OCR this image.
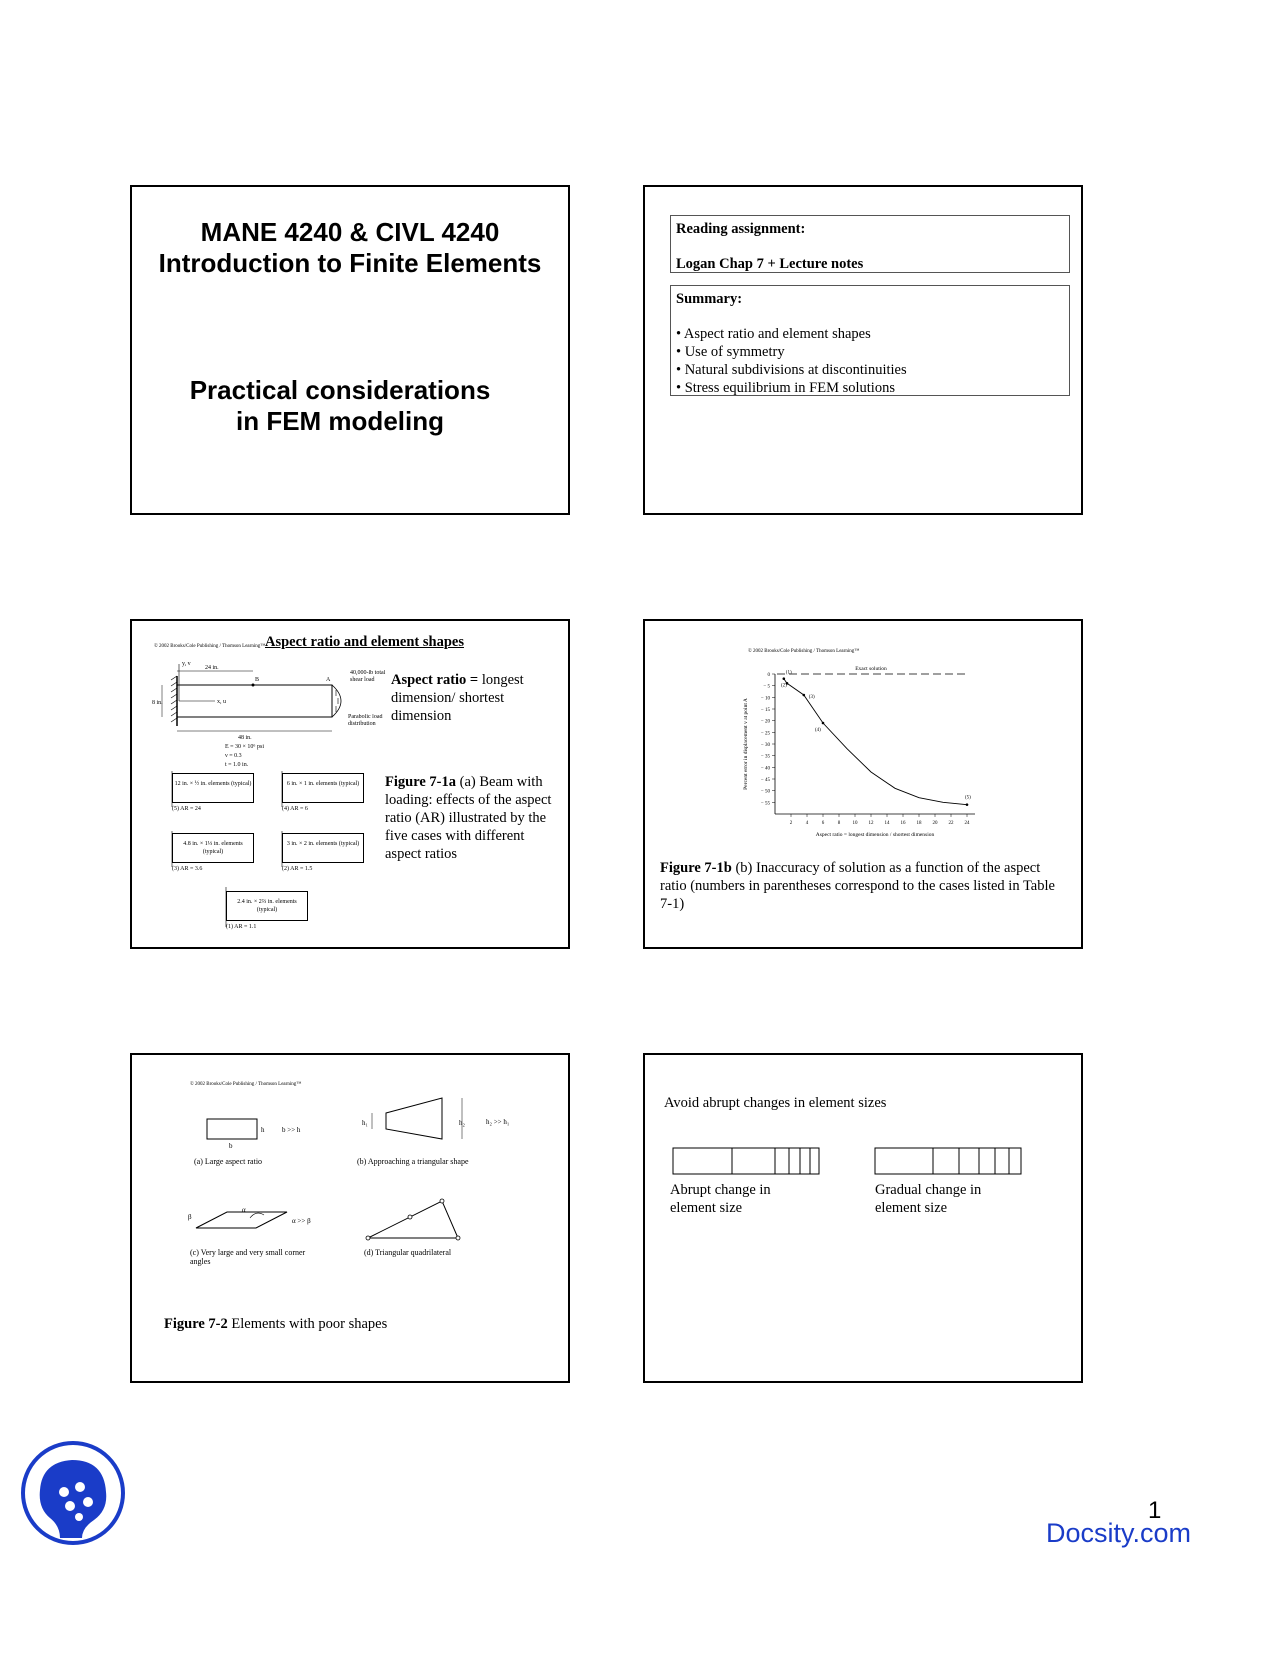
MANE 4240 & CIVL 4240
Introduction to Finite Elements
Practical considerations
in FEM modeling
Reading assignment:
Logan Chap 7 + Lecture notes
Summary:
• Aspect ratio and element shapes
• Use of symmetry
• Natural subdivisions at discontinuities
• Stress equilibrium in FEM solutions
© 2002 Brooks/Cole Publishing / Thomson Learning™ Aspect ratio and element shapes
y, v
x, u
24 in.
48 in.
8 in.
B	A
40,000-lb total shear load
Parabolic load distribution
E = 30 × 10⁶ psi
ν = 0.3
t = 1.0 in.
Aspect ratio = longest dimension/ shortest dimension
12 in. × ½ in. elements (typical)
(5) AR = 24
6 in. × 1 in. elements (typical)
(4) AR = 6
4.8 in. × 1⅓ in. elements (typical)
(3) AR = 3.6
3 in. × 2 in. elements (typical)
(2) AR = 1.5
2.4 in. × 2⅔ in. elements (typical)
(1) AR = 1.1
Figure 7-1a (a) Beam with loading: effects of the aspect ratio (AR) illustrated by the five cases with different aspect ratios
© 2002 Brooks/Cole Publishing / Thomson Learning™
0
− 5
− 10
− 15
− 20
− 25
− 30
− 35
− 40
− 45
− 50
− 55
2	4	6	8 10 12 14 16 18 20 22 24
Exact solution
(1)
(2)
(3)
(4)
(5)
Percent error in displacement v at point A
Aspect ratio = longest dimension / shortest dimension
Figure 7-1b (b) Inaccuracy of solution as a function of the aspect ratio (numbers in parentheses correspond to the cases listed in Table 7-1)
© 2002 Brooks/Cole Publishing / Thomson Learning™
h
b
b >> h
h₁	h₂	h₂ >> h₁
α
β	α >> β
(a) Large aspect ratio	(b) Approaching a triangular shape
(c) Very large and very small corner angles
(d) Triangular quadrilateral
Figure 7-2 Elements with poor shapes
Avoid abrupt changes in element sizes
Abrupt change in element size
Gradual change in element size
1
Docsity.com
